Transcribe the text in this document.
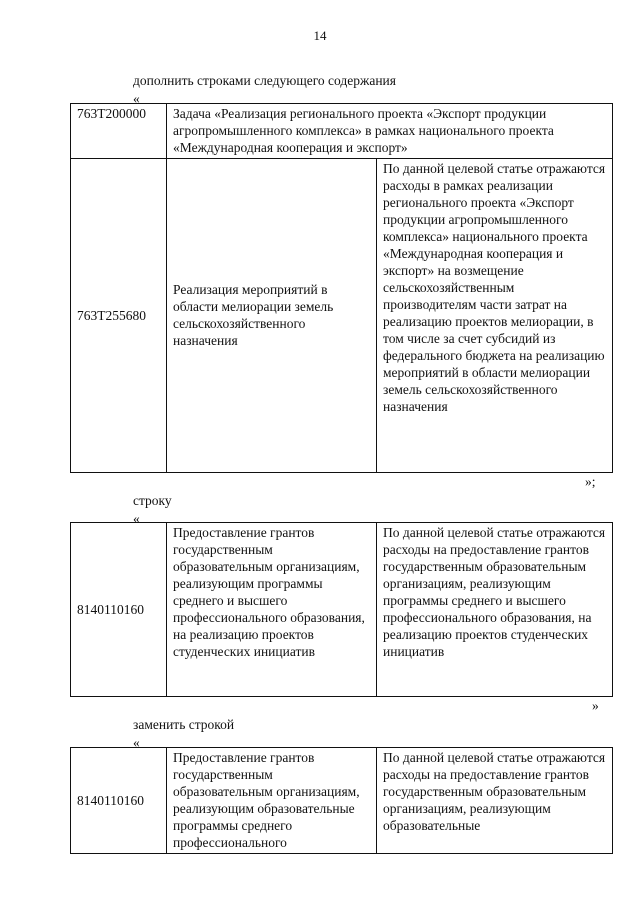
14
дополнить строками следующего содержания
«
763T200000	Задача «Реализация регионального проекта «Экспорт продукции агропромышленного комплекса» в рамках национального проекта «Международная кооперация и экспорт»	
763T255680	Реализация мероприятий в области мелиорации земель сельскохозяйственного назначения	По данной целевой статье отражаются расходы в рамках реализации регионального проекта «Экспорт продукции агропромышленного комплекса» национального проекта «Международная кооперация и экспорт» на возмещение сельскохозяйственным производителям части затрат на реализацию проектов мелиорации, в том числе за счет субсидий из федерального бюджета на реализацию мероприятий в области мелиорации земель сельскохозяйственного назначения
»;
строку
«
8140110160	Предоставление грантов государственным образовательным организациям, реализующим программы среднего и высшего профессионального образования, на реализацию проектов студенческих инициатив	По данной целевой статье отражаются расходы на предоставление грантов государственным образовательным организациям, реализующим программы среднего и высшего профессионального образования, на реализацию проектов студенческих инициатив
»
заменить строкой
«
8140110160	Предоставление грантов государственным образовательным организациям, реализующим образовательные программы среднего профессионального	По данной целевой статье отражаются расходы на предоставление грантов государственным образовательным организациям, реализующим образовательные
